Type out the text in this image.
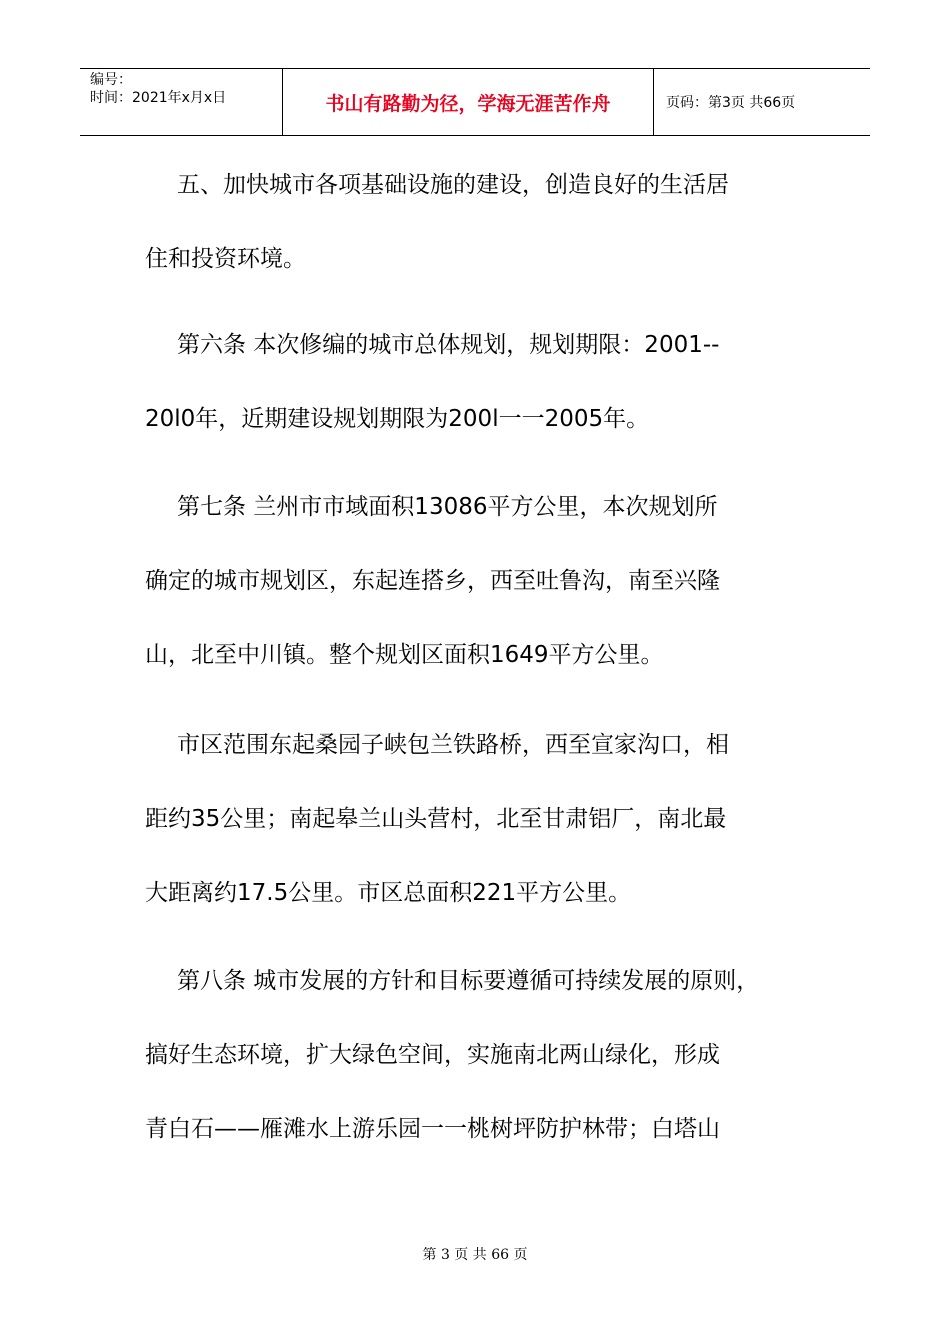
编号：
时间：2021年x月x日	书山有路勤为径，学海无涯苦作舟	页码：第3页 共66页
五、加快城市各项基础设施的建设，创造良好的生活居
住和投资环境。
第六条 本次修编的城市总体规划，规划期限：2001--
20l0年，近期建设规划期限为200l一一2005年。
第七条 兰州市市域面积13086平方公里，本次规划所
确定的城市规划区，东起连搭乡，西至吐鲁沟，南至兴隆
山，北至中川镇。整个规划区面积1649平方公里。
市区范围东起桑园子峡包兰铁路桥，西至宣家沟口，相
距约35公里；南起皋兰山头营村，北至甘肃铝厂，南北最
大距离约17.5公里。市区总面积221平方公里。
第八条 城市发展的方针和目标要遵循可持续发展的原则，
搞好生态环境，扩大绿色空间，实施南北两山绿化，形成
青白石——雁滩水上游乐园一一桃树坪防护林带；白塔山
第 3 页 共 66 页
